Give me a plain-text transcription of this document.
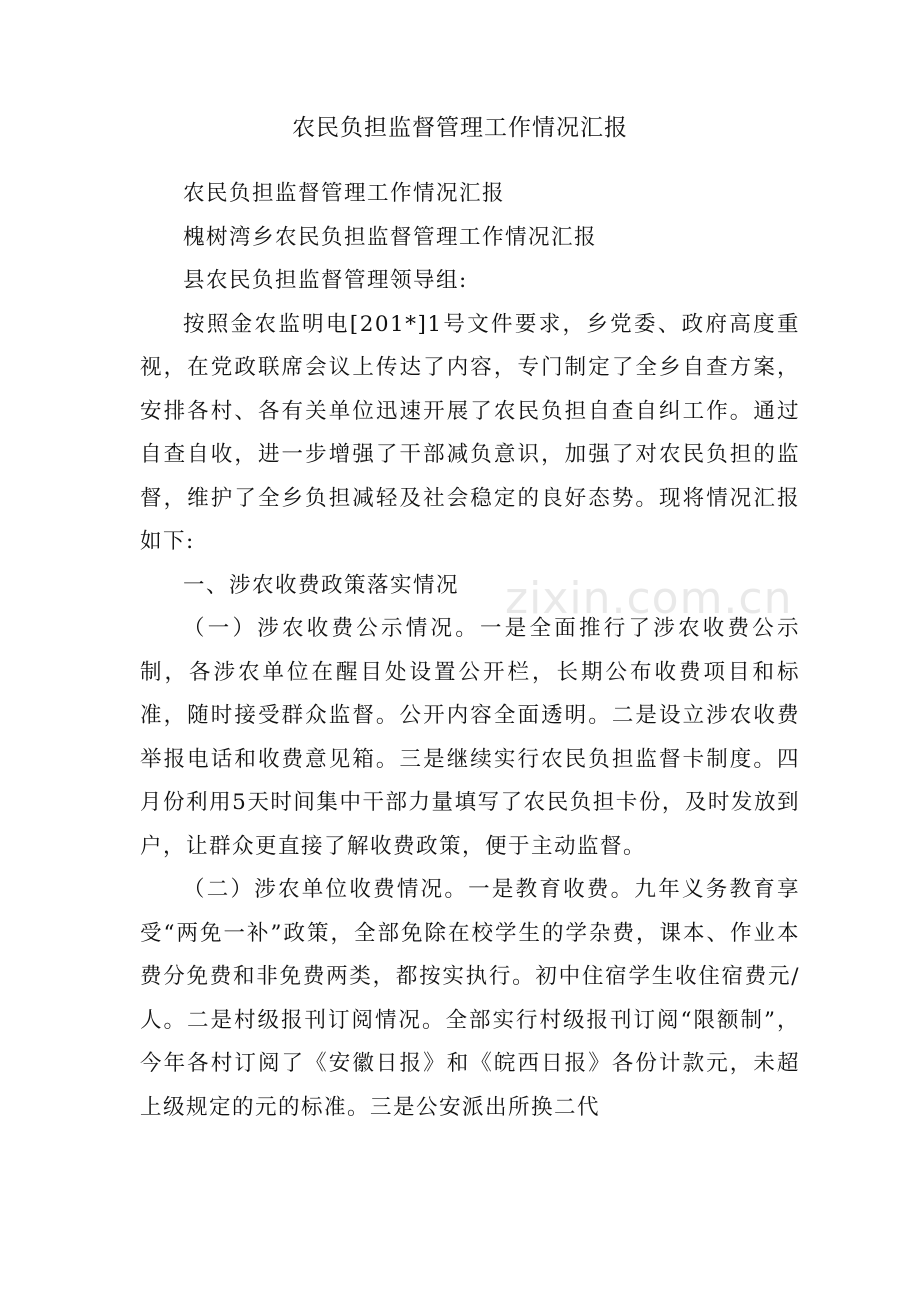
农民负担监督管理工作情况汇报

农民负担监督管理工作情况汇报

槐树湾乡农民负担监督管理工作情况汇报

县农民负担监督管理领导组:

按照金农监明电[201*]1号文件要求，乡党委、政府高度重视，在党政联席会议上传达了内容，专门制定了全乡自查方案，安排各村、各有关单位迅速开展了农民负担自查自纠工作。通过自查自收，进一步增强了干部减负意识，加强了对农民负担的监督，维护了全乡负担减轻及社会稳定的良好态势。现将情况汇报如下:

一、涉农收费政策落实情况

（一）涉农收费公示情况。一是全面推行了涉农收费公示制，各涉农单位在醒目处设置公开栏，长期公布收费项目和标准，随时接受群众监督。公开内容全面透明。二是设立涉农收费举报电话和收费意见箱。三是继续实行农民负担监督卡制度。四月份利用5天时间集中干部力量填写了农民负担卡份，及时发放到户，让群众更直接了解收费政策，便于主动监督。

（二）涉农单位收费情况。一是教育收费。九年义务教育享受“两免一补”政策，全部免除在校学生的学杂费，课本、作业本费分免费和非免费两类，都按实执行。初中住宿学生收住宿费元/人。二是村级报刊订阅情况。全部实行村级报刊订阅“限额制”，今年各村订阅了《安徽日报》和《皖西日报》各份计款元，未超上级规定的元的标准。三是公安派出所换二代

zixin.com.cn
